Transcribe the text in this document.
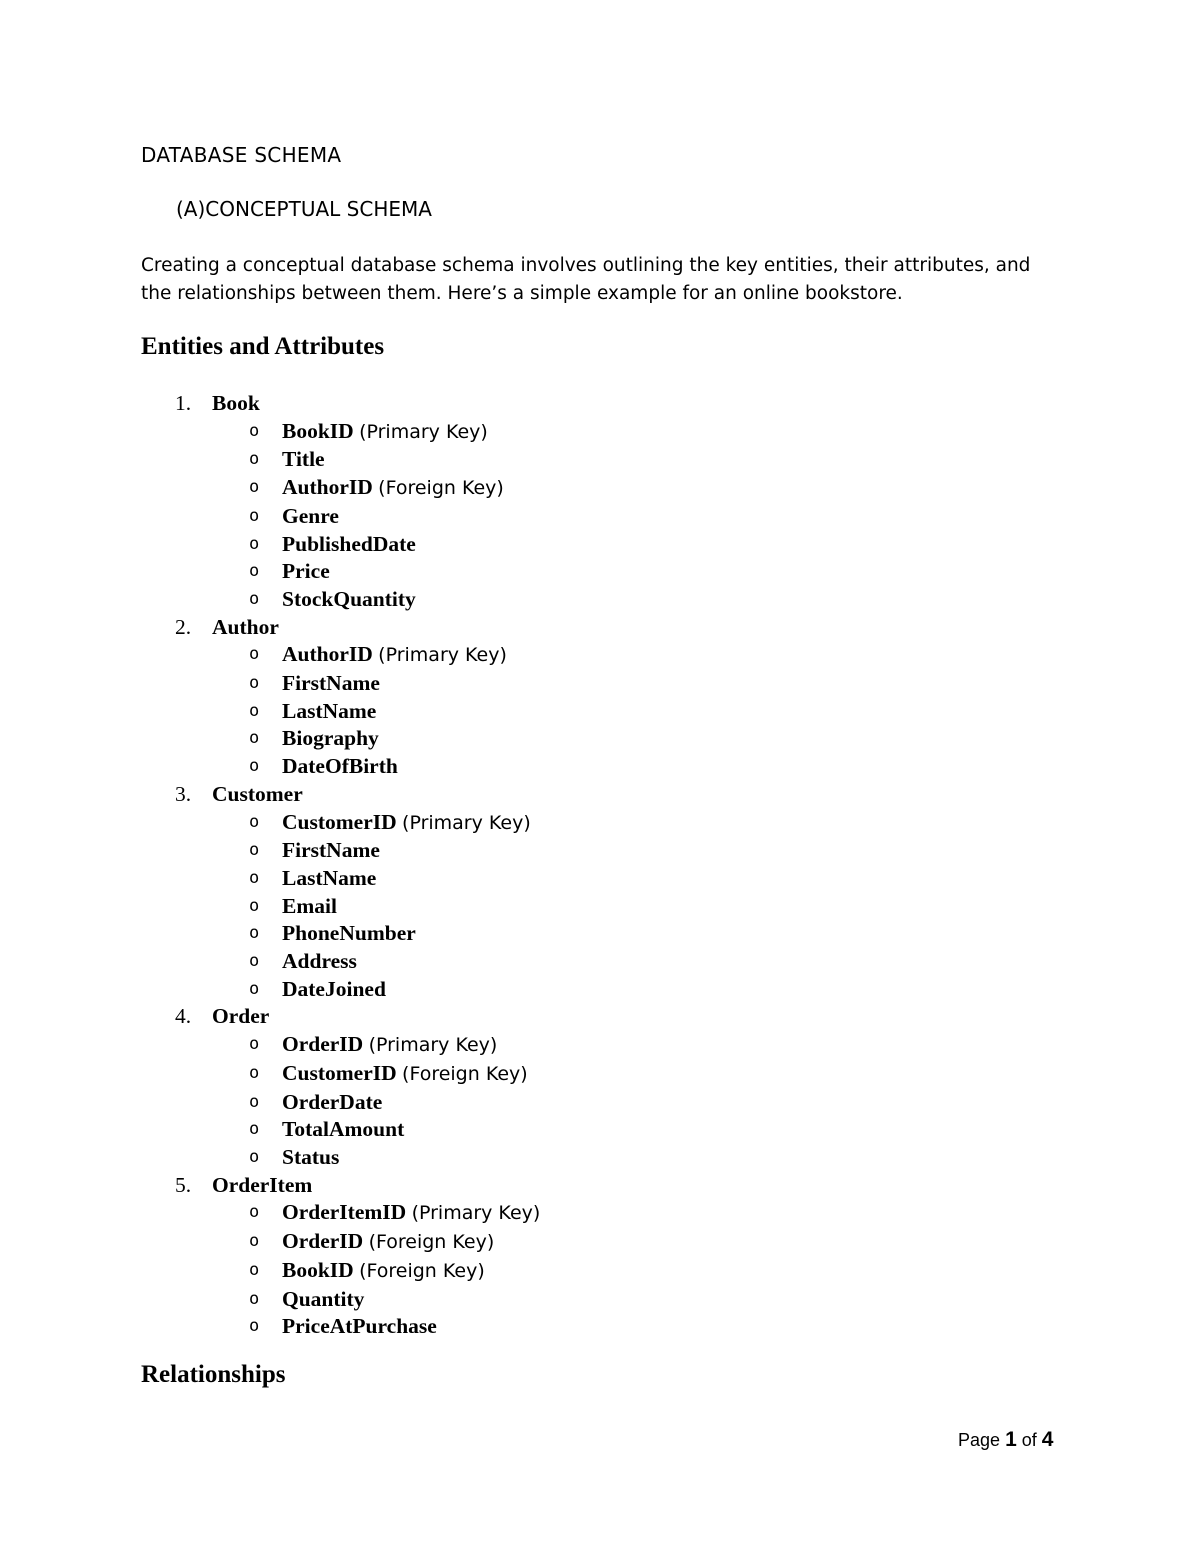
DATABASE SCHEMA
(A)CONCEPTUAL SCHEMA

Creating a conceptual database schema involves outlining the key entities, their attributes, and
the relationships between them. Here’s a simple example for an online bookstore.

Entities and Attributes
1. Book
o BookID (Primary Key)
o Title
o AuthorID (Foreign Key)
o Genre
o PublishedDate
o Price
o StockQuantity
2. Author
o AuthorID (Primary Key)
o FirstName
o LastName
o Biography
o DateOfBirth
3. Customer
o CustomerID (Primary Key)
o FirstName
o LastName
o Email
o PhoneNumber
o Address
o DateJoined
4. Order
o OrderID (Primary Key)
o CustomerID (Foreign Key)
o OrderDate
o TotalAmount
o Status
5. OrderItem
o OrderItemID (Primary Key)
o OrderID (Foreign Key)
o BookID (Foreign Key)
o Quantity
o PriceAtPurchase
Relationships

Page 1 of 4
